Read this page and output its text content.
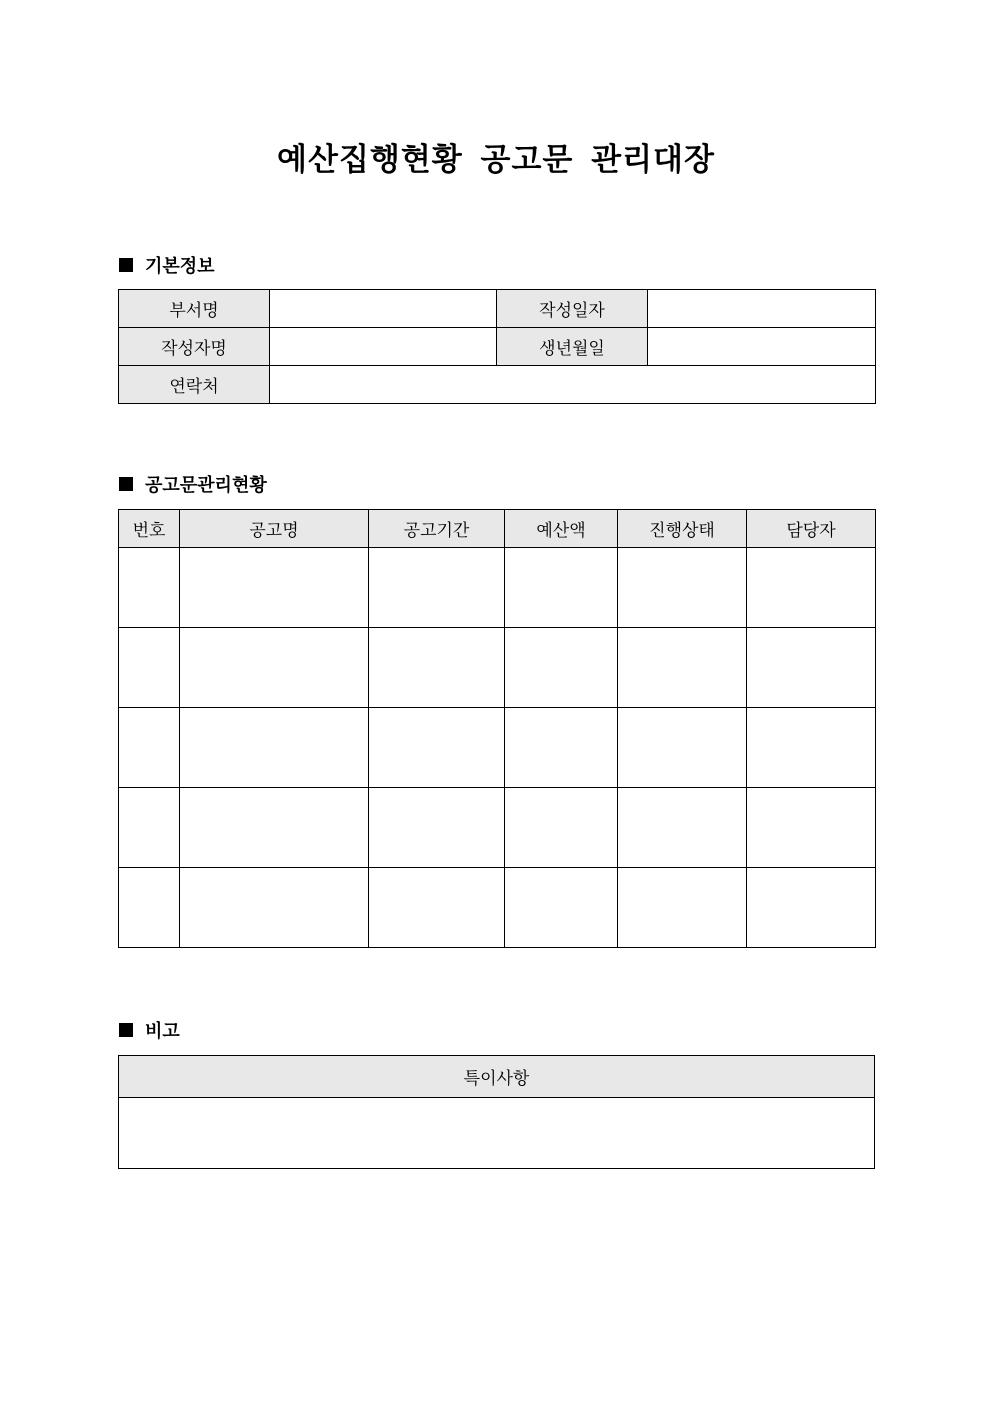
예산집행현황 공고문 관리대장
기본정보
부서명		작성일자	
작성자명		생년월일	
연락처			
공고문관리현황
번호	공고명	공고기간	예산액	진행상태	담당자

비고
특이사항
